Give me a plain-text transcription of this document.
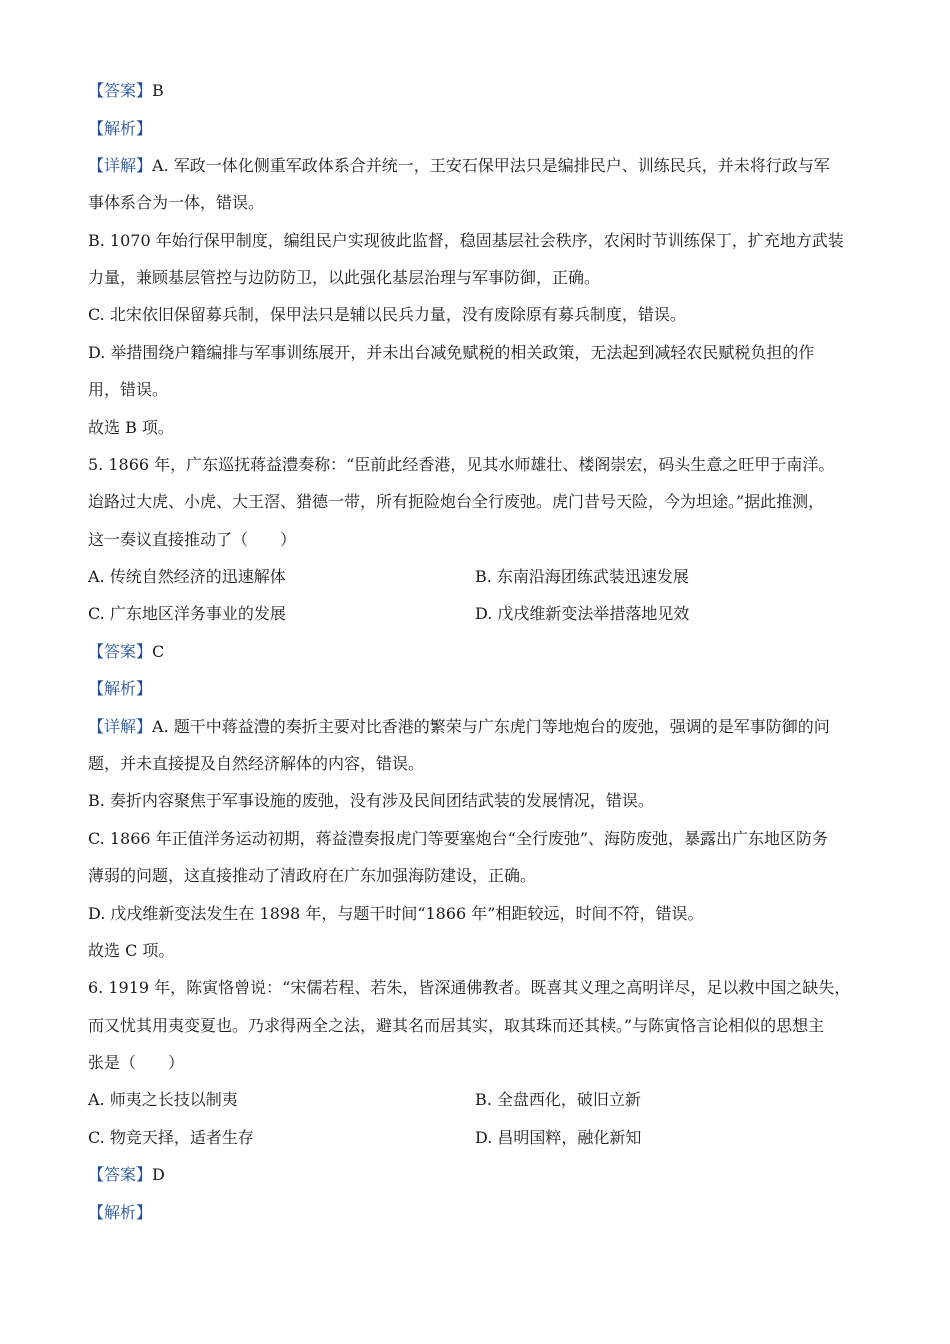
【答案】B
【解析】
【详解】A. 军政一体化侧重军政体系合并统一，王安石保甲法只是编排民户、训练民兵，并未将行政与军
事体系合为一体，错误。
B. 1070 年始行保甲制度，编组民户实现彼此监督，稳固基层社会秩序，农闲时节训练保丁，扩充地方武装
力量，兼顾基层管控与边防防卫，以此强化基层治理与军事防御，正确。
C. 北宋依旧保留募兵制，保甲法只是辅以民兵力量，没有废除原有募兵制度，错误。
D. 举措围绕户籍编排与军事训练展开，并未出台减免赋税的相关政策，无法起到减轻农民赋税负担的作
用，错误。
故选 B 项。
5. 1866 年，广东巡抚蒋益澧奏称：“臣前此经香港，见其水师雄壮、楼阁崇宏，码头生意之旺甲于南洋。
迨路过大虎、小虎、大王滘、猎德一带，所有扼险炮台全行废弛。虎门昔号天险，今为坦途。”据此推测，
这一奏议直接推动了（　　）
A. 传统自然经济的迅速解体	B. 东南沿海团练武装迅速发展
C. 广东地区洋务事业的发展	D. 戊戌维新变法举措落地见效
【答案】C
【解析】
【详解】A. 题干中蒋益澧的奏折主要对比香港的繁荣与广东虎门等地炮台的废弛，强调的是军事防御的问
题，并未直接提及自然经济解体的内容，错误。
B. 奏折内容聚焦于军事设施的废弛，没有涉及民间团结武装的发展情况，错误。
C. 1866 年正值洋务运动初期，蒋益澧奏报虎门等要塞炮台“全行废弛”、海防废弛，暴露出广东地区防务
薄弱的问题，这直接推动了清政府在广东加强海防建设，正确。
D. 戊戌维新变法发生在 1898 年，与题干时间“1866 年”相距较远，时间不符，错误。
故选 C 项。
6. 1919 年，陈寅恪曾说：“宋儒若程、若朱，皆深通佛教者。既喜其义理之高明详尽，足以救中国之缺失，
而又忧其用夷变夏也。乃求得两全之法，避其名而居其实，取其珠而还其椟。”与陈寅恪言论相似的思想主
张是（　　）
A. 师夷之长技以制夷	B. 全盘西化，破旧立新
C. 物竞天择，适者生存	D. 昌明国粹，融化新知
【答案】D
【解析】
